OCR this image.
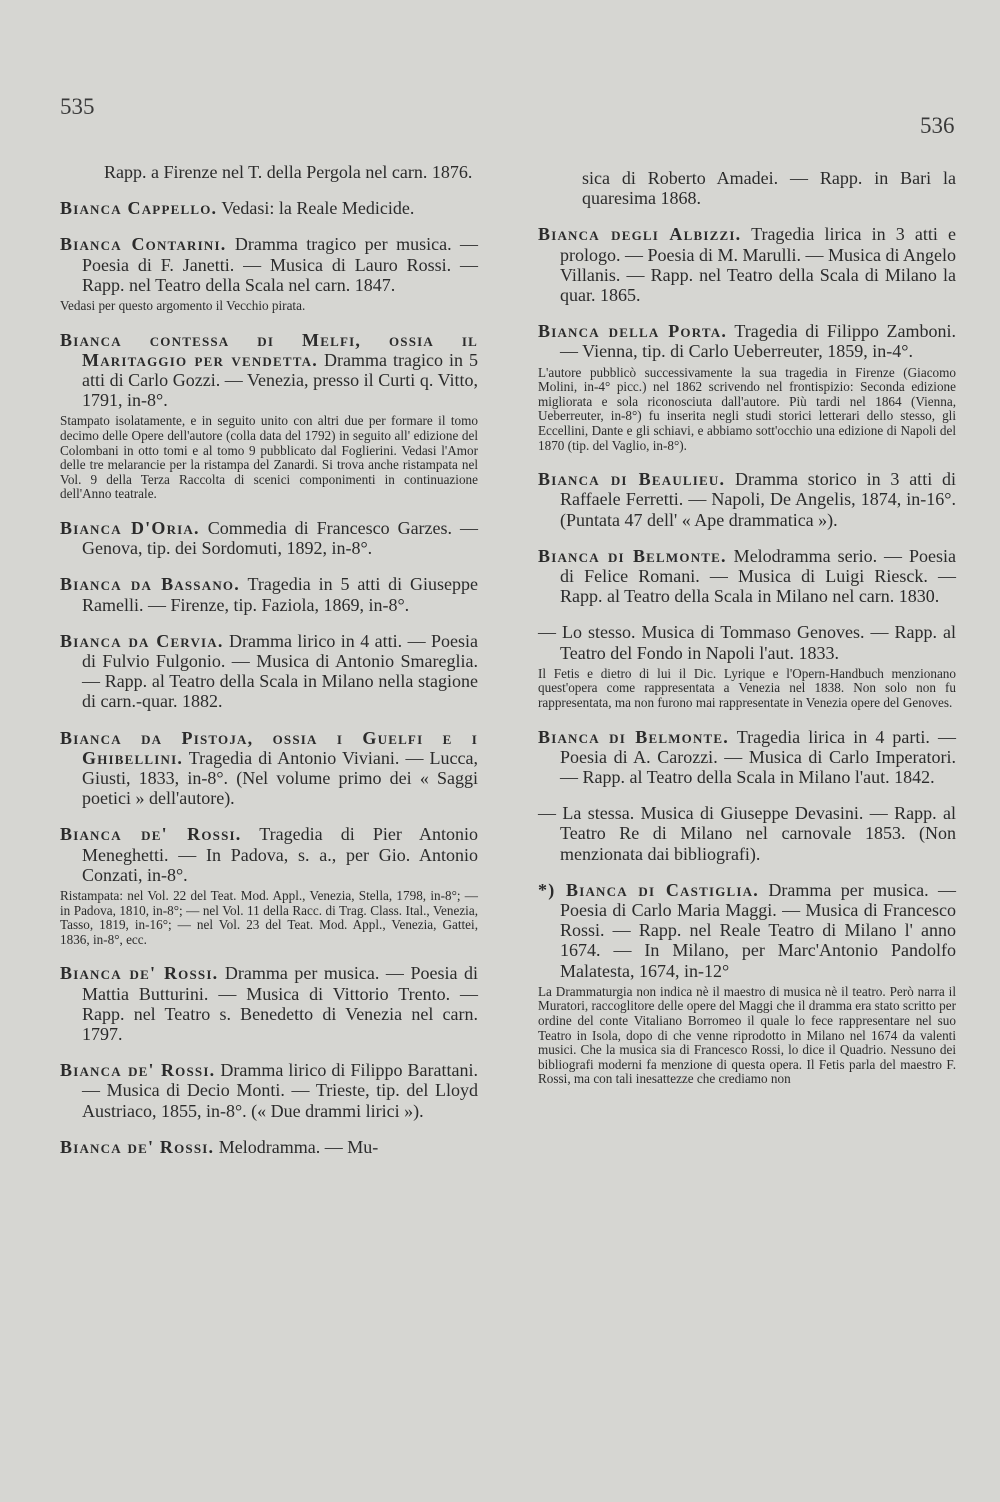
535
536
Rapp. a Firenze nel T. della Pergola nel carn. 1876.
Bianca Cappello. Vedasi: la Reale Medicide.
Bianca Contarini. Dramma tragico per musica. — Poesia di F. Janetti. — Musica di Lauro Rossi. — Rapp. nel Teatro della Scala nel carn. 1847.
Vedasi per questo argomento il Vecchio pirata.
Bianca contessa di Melfi, ossia il Maritaggio per vendetta. Dramma tragico in 5 atti di Carlo Gozzi. — Venezia, presso il Curti q. Vitto, 1791, in-8°.
Stampato isolatamente, e in seguito unito con altri due per formare il tomo decimo delle Opere dell'autore (colla data del 1792) in seguito all' edizione del Colombani in otto tomi e al tomo 9 pubblicato dal Foglierini. Vedasi l'Amor delle tre melarancie per la ristampa del Zanardi. Si trova anche ristampata nel Vol. 9 della Terza Raccolta di scenici componimenti in continuazione dell'Anno teatrale.
Bianca D'Oria. Commedia di Francesco Garzes. — Genova, tip. dei Sordomuti, 1892, in-8°.
Bianca da Bassano. Tragedia in 5 atti di Giuseppe Ramelli. — Firenze, tip. Faziola, 1869, in-8°.
Bianca da Cervia. Dramma lirico in 4 atti. — Poesia di Fulvio Fulgonio. — Musica di Antonio Smareglia. — Rapp. al Teatro della Scala in Milano nella stagione di carn.-quar. 1882.
Bianca da Pistoja, ossia i Guelfi e i Ghibellini. Tragedia di Antonio Viviani. — Lucca, Giusti, 1833, in-8°. (Nel volume primo dei « Saggi poetici » dell'autore).
Bianca de' Rossi. Tragedia di Pier Antonio Meneghetti. — In Padova, s. a., per Gio. Antonio Conzati, in-8°.
Ristampata: nel Vol. 22 del Teat. Mod. Appl., Venezia, Stella, 1798, in-8°; — in Padova, 1810, in-8°; — nel Vol. 11 della Racc. di Trag. Class. Ital., Venezia, Tasso, 1819, in-16°; — nel Vol. 23 del Teat. Mod. Appl., Venezia, Gattei, 1836, in-8°, ecc.
Bianca de' Rossi. Dramma per musica. — Poesia di Mattia Butturini. — Musica di Vittorio Trento. — Rapp. nel Teatro s. Benedetto di Venezia nel carn. 1797.
Bianca de' Rossi. Dramma lirico di Filippo Barattani. — Musica di Decio Monti. — Trieste, tip. del Lloyd Austriaco, 1855, in-8°. (« Due drammi lirici »).
Bianca de' Rossi. Melodramma. — Mu-
sica di Roberto Amadei. — Rapp. in Bari la quaresima 1868.
Bianca degli Albizzi. Tragedia lirica in 3 atti e prologo. — Poesia di M. Marulli. — Musica di Angelo Villanis. — Rapp. nel Teatro della Scala di Milano la quar. 1865.
Bianca della Porta. Tragedia di Filippo Zamboni. — Vienna, tip. di Carlo Ueberreuter, 1859, in-4°.
L'autore pubblicò successivamente la sua tragedia in Firenze (Giacomo Molini, in-4° picc.) nel 1862 scrivendo nel frontispizio: Seconda edizione migliorata e sola riconosciuta dall'autore. Più tardi nel 1864 (Vienna, Ueberreuter, in-8°) fu inserita negli studi storici letterari dello stesso, gli Eccellini, Dante e gli schiavi, e abbiamo sott'occhio una edizione di Napoli del 1870 (tip. del Vaglio, in-8°).
Bianca di Beaulieu. Dramma storico in 3 atti di Raffaele Ferretti. — Napoli, De Angelis, 1874, in-16°. (Puntata 47 dell' « Ape drammatica »).
Bianca di Belmonte. Melodramma serio. — Poesia di Felice Romani. — Musica di Luigi Riesck. — Rapp. al Teatro della Scala in Milano nel carn. 1830.
— Lo stesso. Musica di Tommaso Genoves. — Rapp. al Teatro del Fondo in Napoli l'aut. 1833.
Il Fetis e dietro di lui il Dic. Lyrique e l'Opern-Handbuch menzionano quest'opera come rappresentata a Venezia nel 1838. Non solo non fu rappresentata, ma non furono mai rappresentate in Venezia opere del Genoves.
Bianca di Belmonte. Tragedia lirica in 4 parti. — Poesia di A. Carozzi. — Musica di Carlo Imperatori. — Rapp. al Teatro della Scala in Milano l'aut. 1842.
— La stessa. Musica di Giuseppe Devasini. — Rapp. al Teatro Re di Milano nel carnovale 1853. (Non menzionata dai bibliografi).
*) Bianca di Castiglia. Dramma per musica. — Poesia di Carlo Maria Maggi. — Musica di Francesco Rossi. — Rapp. nel Reale Teatro di Milano l' anno 1674. — In Milano, per Marc'Antonio Pandolfo Malatesta, 1674, in-12°
La Drammaturgia non indica nè il maestro di musica nè il teatro. Però narra il Muratori, raccoglitore delle opere del Maggi che il dramma era stato scritto per ordine del conte Vitaliano Borromeo il quale lo fece rappresentare nel suo Teatro in Isola, dopo di che venne riprodotto in Milano nel 1674 da valenti musici. Che la musica sia di Francesco Rossi, lo dice il Quadrio. Nessuno dei bibliografi moderni fa menzione di questa opera. Il Fetis parla del maestro F. Rossi, ma con tali inesattezze che crediamo non
